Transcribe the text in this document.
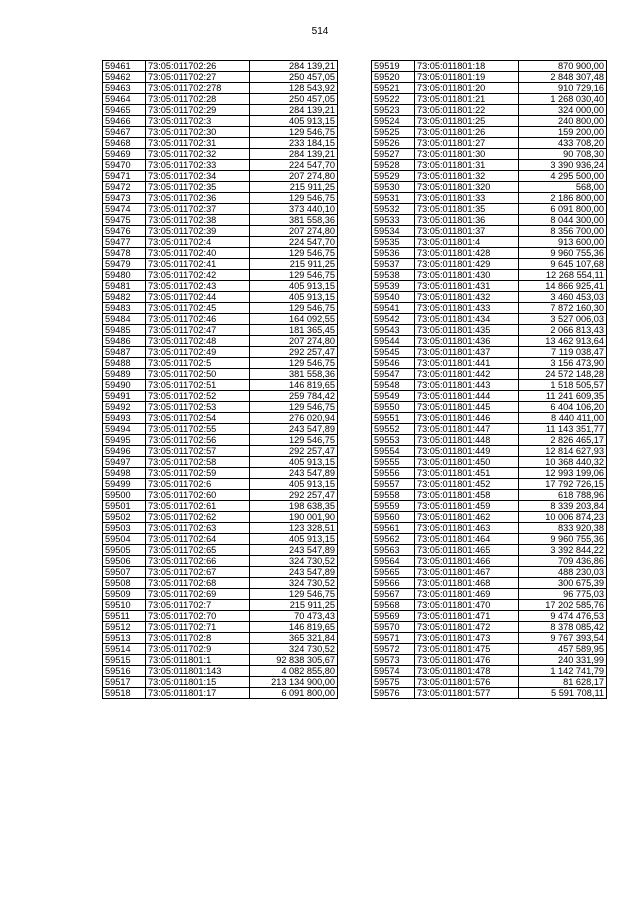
514
59461	73:05:011702:26	284 139,21
59462	73:05:011702:27	250 457,05
59463	73:05:011702:278	128 543,92
59464	73:05:011702:28	250 457,05
59465	73:05:011702:29	284 139,21
59466	73:05:011702:3	405 913,15
59467	73:05:011702:30	129 546,75
59468	73:05:011702:31	233 184,15
59469	73:05:011702:32	284 139,21
59470	73:05:011702:33	224 547,70
59471	73:05:011702:34	207 274,80
59472	73:05:011702:35	215 911,25
59473	73:05:011702:36	129 546,75
59474	73:05:011702:37	373 440,10
59475	73:05:011702:38	381 558,36
59476	73:05:011702:39	207 274,80
59477	73:05:011702:4	224 547,70
59478	73:05:011702:40	129 546,75
59479	73:05:011702:41	215 911,25
59480	73:05:011702:42	129 546,75
59481	73:05:011702:43	405 913,15
59482	73:05:011702:44	405 913,15
59483	73:05:011702:45	129 546,75
59484	73:05:011702:46	164 092,55
59485	73:05:011702:47	181 365,45
59486	73:05:011702:48	207 274,80
59487	73:05:011702:49	292 257,47
59488	73:05:011702:5	129 546,75
59489	73:05:011702:50	381 558,36
59490	73:05:011702:51	146 819,65
59491	73:05:011702:52	259 784,42
59492	73:05:011702:53	129 546,75
59493	73:05:011702:54	276 020,94
59494	73:05:011702:55	243 547,89
59495	73:05:011702:56	129 546,75
59496	73:05:011702:57	292 257,47
59497	73:05:011702:58	405 913,15
59498	73:05:011702:59	243 547,89
59499	73:05:011702:6	405 913,15
59500	73:05:011702:60	292 257,47
59501	73:05:011702:61	198 638,35
59502	73:05:011702:62	190 001,90
59503	73:05:011702:63	123 328,51
59504	73:05:011702:64	405 913,15
59505	73:05:011702:65	243 547,89
59506	73:05:011702:66	324 730,52
59507	73:05:011702:67	243 547,89
59508	73:05:011702:68	324 730,52
59509	73:05:011702:69	129 546,75
59510	73:05:011702:7	215 911,25
59511	73:05:011702:70	70 473,43
59512	73:05:011702:71	146 819,65
59513	73:05:011702:8	365 321,84
59514	73:05:011702:9	324 730,52
59515	73:05:011801:1	92 838 305,67
59516	73:05:011801:143	4 082 855,80
59517	73:05:011801:15	213 134 900,00
59518	73:05:011801:17	6 091 800,00
59519	73:05:011801:18	870 900,00
59520	73:05:011801:19	2 848 307,48
59521	73:05:011801:20	910 729,16
59522	73:05:011801:21	1 268 030,40
59523	73:05:011801:22	324 000,00
59524	73:05:011801:25	240 800,00
59525	73:05:011801:26	159 200,00
59526	73:05:011801:27	433 708,20
59527	73:05:011801:30	90 708,30
59528	73:05:011801:31	3 390 936,24
59529	73:05:011801:32	4 295 500,00
59530	73:05:011801:320	568,00
59531	73:05:011801:33	2 186 800,00
59532	73:05:011801:35	6 091 800,00
59533	73:05:011801:36	8 044 300,00
59534	73:05:011801:37	8 356 700,00
59535	73:05:011801:4	913 600,00
59536	73:05:011801:428	9 960 755,36
59537	73:05:011801:429	9 645 107,68
59538	73:05:011801:430	12 268 554,11
59539	73:05:011801:431	14 866 925,41
59540	73:05:011801:432	3 460 453,03
59541	73:05:011801:433	7 872 160,30
59542	73:05:011801:434	3 527 006,03
59543	73:05:011801:435	2 066 813,43
59544	73:05:011801:436	13 462 913,64
59545	73:05:011801:437	7 119 038,47
59546	73:05:011801:441	3 156 473,90
59547	73:05:011801:442	24 572 148,28
59548	73:05:011801:443	1 518 505,57
59549	73:05:011801:444	11 241 609,35
59550	73:05:011801:445	6 404 106,20
59551	73:05:011801:446	8 440 411,00
59552	73:05:011801:447	11 143 351,77
59553	73:05:011801:448	2 826 465,17
59554	73:05:011801:449	12 814 627,93
59555	73:05:011801:450	10 368 440,32
59556	73:05:011801:451	12 993 199,06
59557	73:05:011801:452	17 792 726,15
59558	73:05:011801:458	618 788,96
59559	73:05:011801:459	8 339 203,84
59560	73:05:011801:462	10 006 874,23
59561	73:05:011801:463	833 920,38
59562	73:05:011801:464	9 960 755,36
59563	73:05:011801:465	3 392 844,22
59564	73:05:011801:466	709 436,86
59565	73:05:011801:467	488 230,03
59566	73:05:011801:468	300 675,39
59567	73:05:011801:469	96 775,03
59568	73:05:011801:470	17 202 585,76
59569	73:05:011801:471	9 474 476,53
59570	73:05:011801:472	8 378 085,42
59571	73:05:011801:473	9 767 393,54
59572	73:05:011801:475	457 589,95
59573	73:05:011801:476	240 331,99
59574	73:05:011801:478	1 142 741,79
59575	73:05:011801:576	81 628,17
59576	73:05:011801:577	5 591 708,11
